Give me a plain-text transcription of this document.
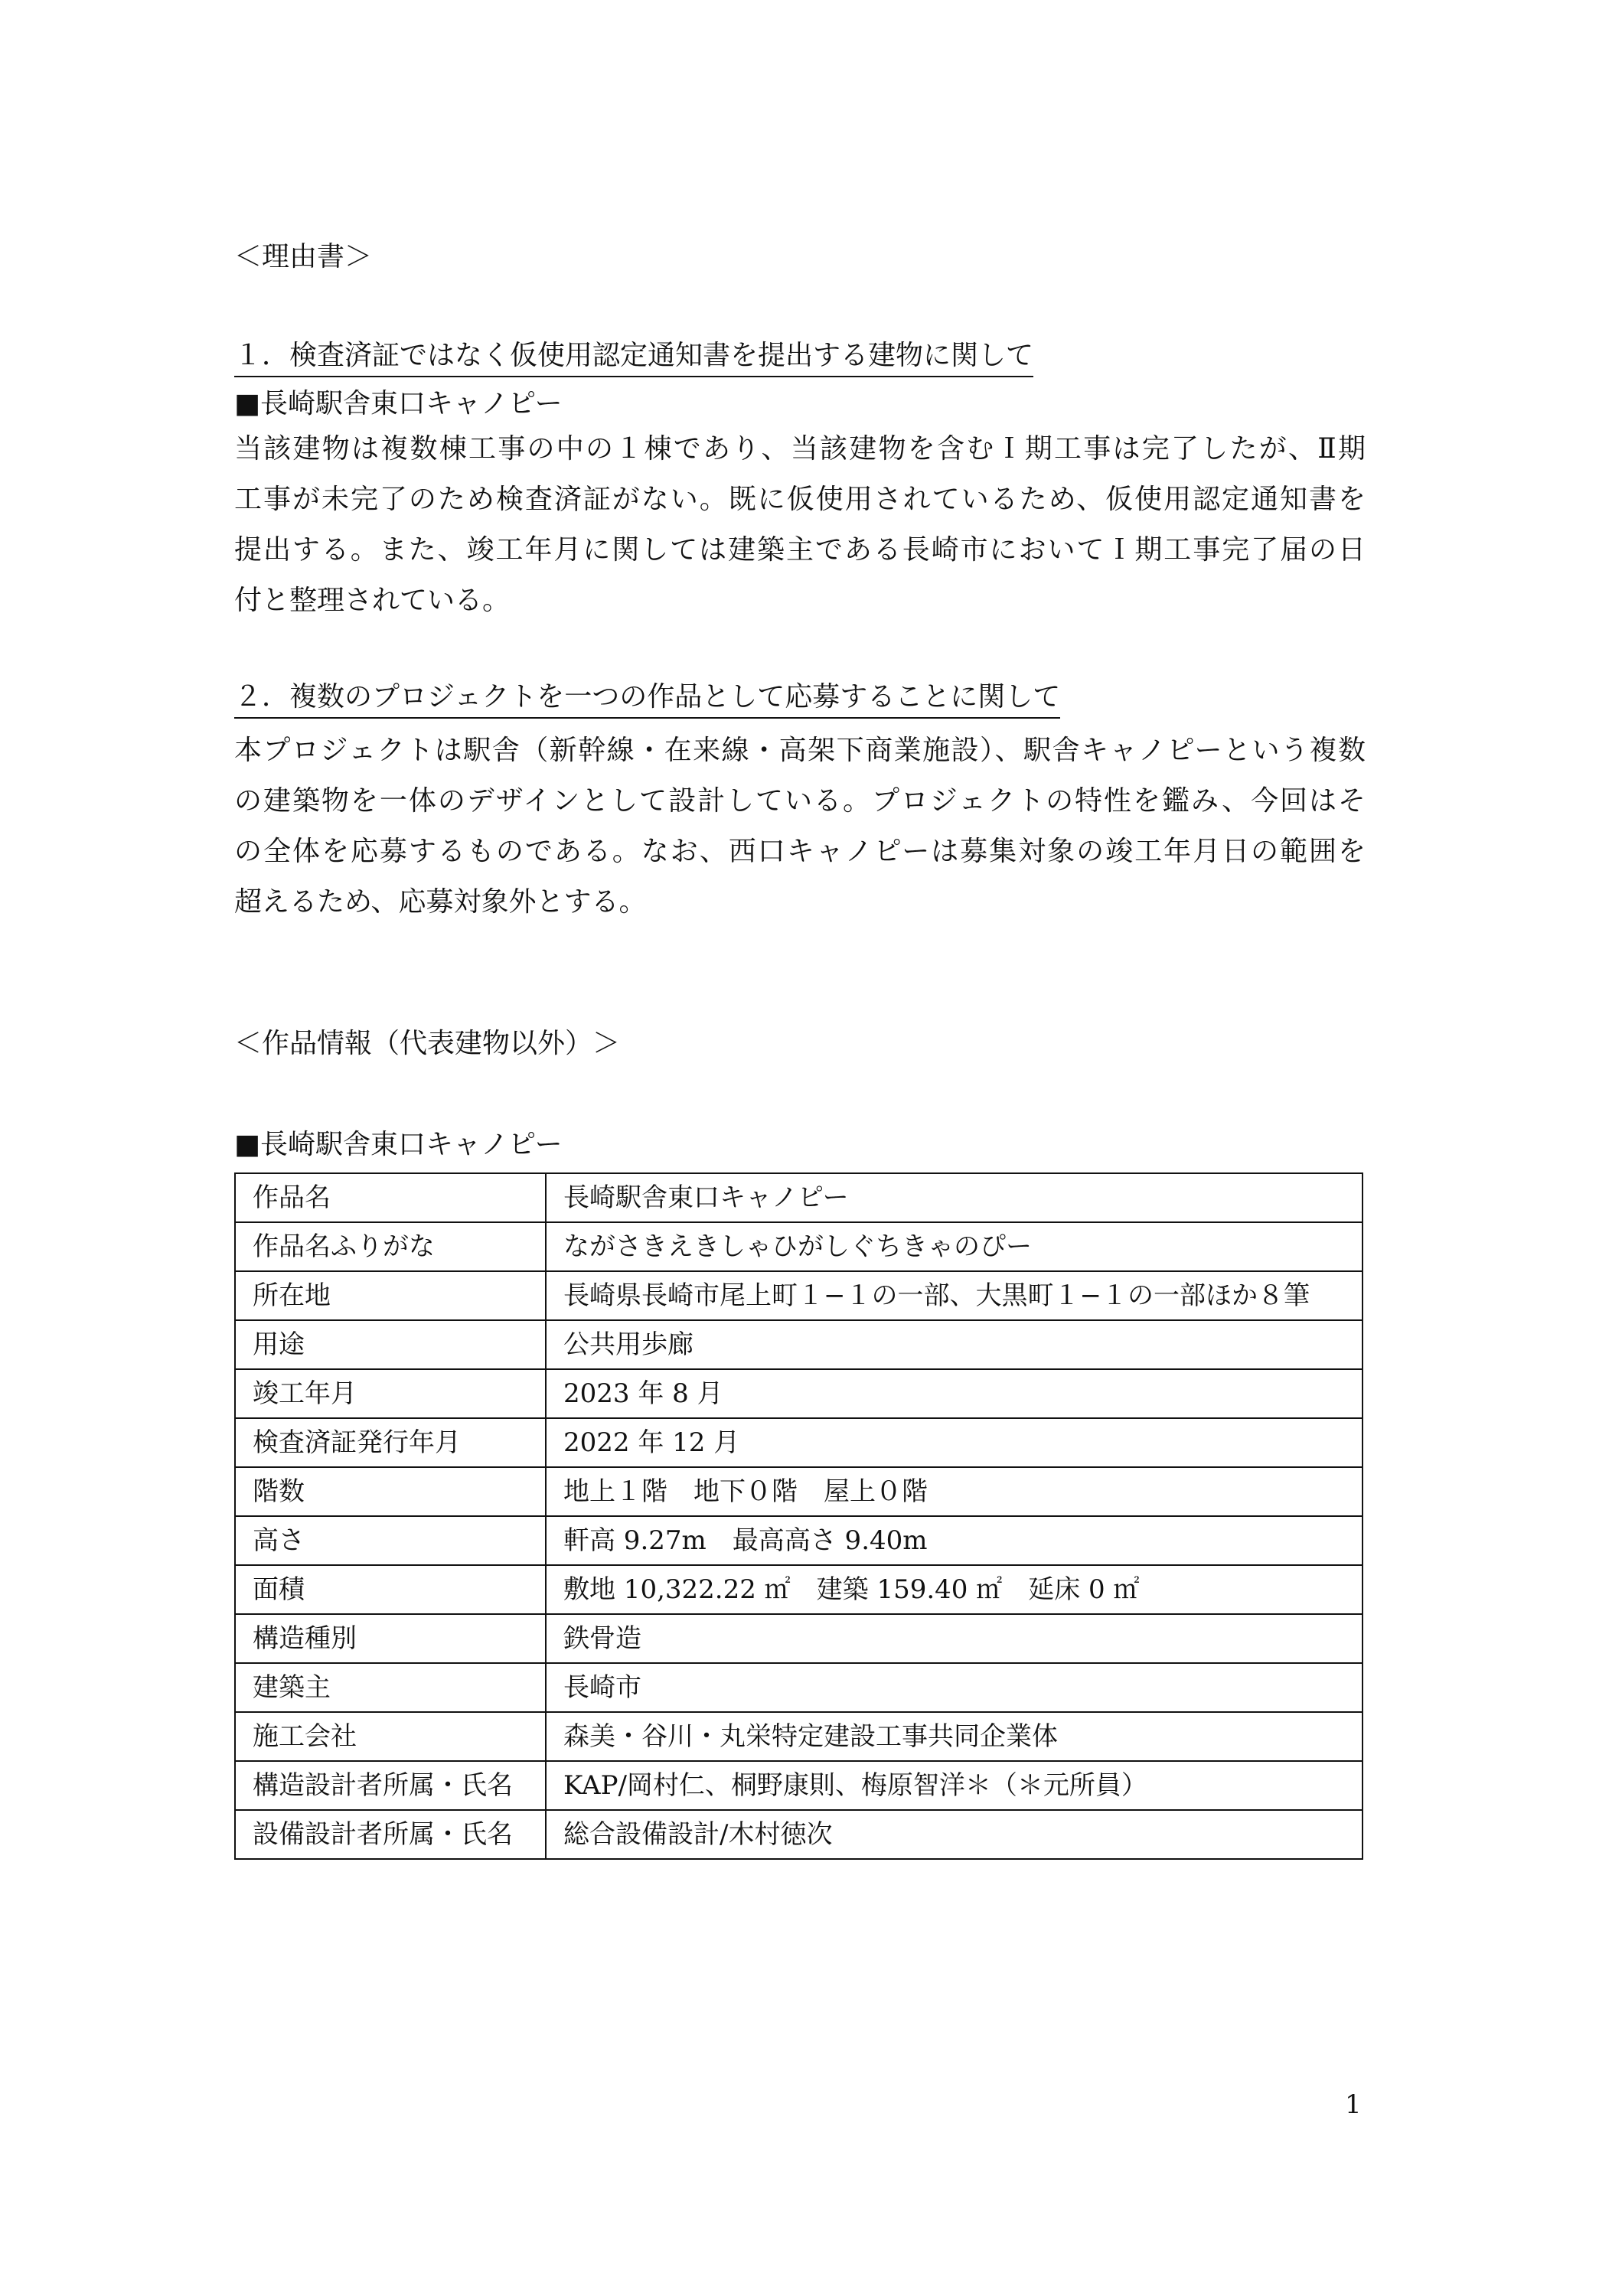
＜理由書＞
１．検査済証ではなく仮使用認定通知書を提出する建物に関して
■長崎駅舎東口キャノピー
当該建物は複数棟工事の中の１棟であり、当該建物を含むＩ期工事は完了したが、Ⅱ期
工事が未完了のため検査済証がない。既に仮使用されているため、仮使用認定通知書を
提出する。また、竣工年月に関しては建築主である長崎市においてＩ期工事完了届の日
付と整理されている。
２．複数のプロジェクトを一つの作品として応募することに関して
本プロジェクトは駅舎（新幹線・在来線・高架下商業施設）、駅舎キャノピーという複数
の建築物を一体のデザインとして設計している。プロジェクトの特性を鑑み、今回はそ
の全体を応募するものである。なお、西口キャノピーは募集対象の竣工年月日の範囲を
超えるため、応募対象外とする。
＜作品情報（代表建物以外）＞
■長崎駅舎東口キャノピー
作品名	長崎駅舎東口キャノピー
作品名ふりがな	ながさきえきしゃひがしぐちきゃのぴー
所在地	長崎県長崎市尾上町１−１の一部、大黒町１−１の一部ほか８筆
用途	公共用歩廊
竣工年月	2023 年 8 月
検査済証発行年月	2022 年 12 月
階数	地上１階　地下０階　屋上０階
高さ	軒高 9.27m　最高高さ 9.40m
面積	敷地 10,322.22 ㎡　建築 159.40 ㎡　延床 0 ㎡
構造種別	鉄骨造
建築主	長崎市
施工会社	森美・谷川・丸栄特定建設工事共同企業体
構造設計者所属・氏名	KAP/岡村仁、桐野康則、梅原智洋＊（＊元所員）
設備設計者所属・氏名	総合設備設計/木村徳次
1
